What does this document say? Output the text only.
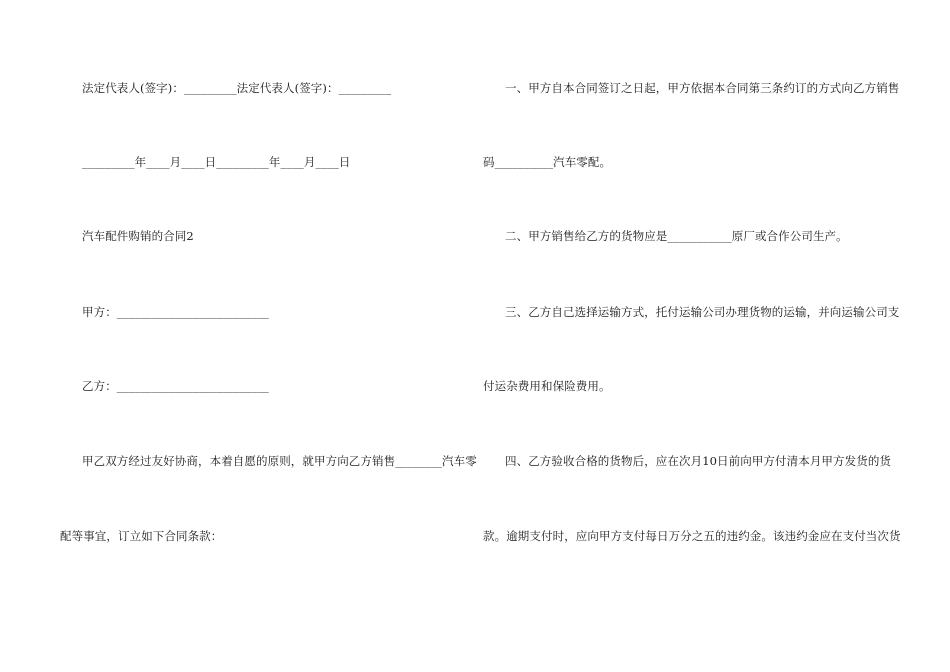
法定代表人(签字)：_________法定代表人(签字)：_________
_________年____月____日_________年____月____日
汽车配件购销的合同2
甲方：__________________________
乙方：__________________________
甲乙双方经过友好协商，本着自愿的原则，就甲方向乙方销售________汽车零
配等事宜，订立如下合同条款：
一、甲方自本合同签订之日起，甲方依据本合同第三条约订的方式向乙方销售
码__________汽车零配。
二、甲方销售给乙方的货物应是___________原厂或合作公司生产。
三、乙方自己选择运输方式，托付运输公司办理货物的运输，并向运输公司支
付运杂费用和保险费用。
四、乙方验收合格的货物后，应在次月10日前向甲方付清本月甲方发货的货
款。逾期支付时，应向甲方支付每日万分之五的违约金。该违约金应在支付当次货
